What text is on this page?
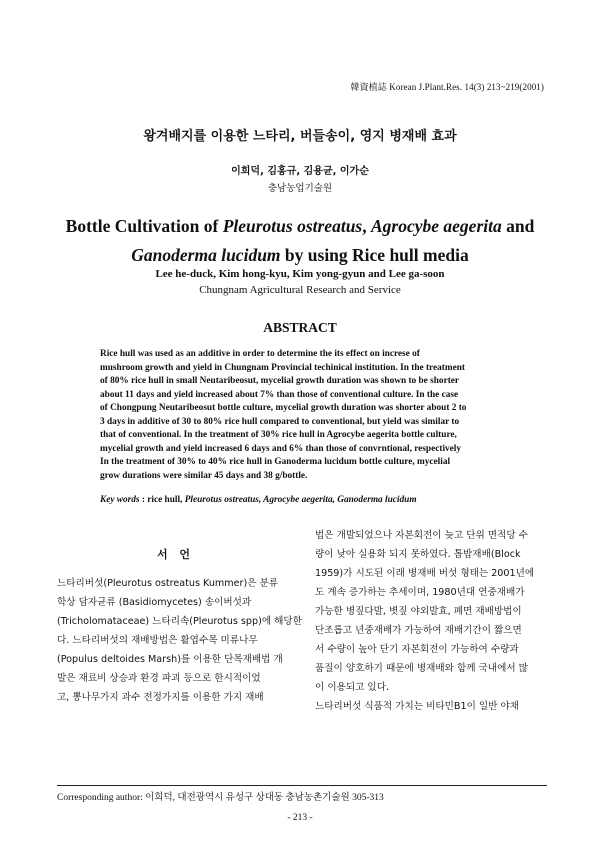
韓資植誌 Korean J.Plant.Res. 14(3) 213~219(2001)
왕겨배지를 이용한 느타리, 버들송이, 영지 병재배 효과
이희덕, 김홍규, 김용균, 이가순
충남농업기술원
Bottle Cultivation of Pleurotus ostreatus, Agrocybe aegerita and
Ganoderma lucidum by using Rice hull media
Lee he-duck, Kim hong-kyu, Kim yong-gyun and Lee ga-soon
Chungnam Agricultural Research and Service
ABSTRACT
Rice hull was used as an additive in order to determine the its effect on increse of
mushroom growth and yield in Chungnam Provincial techinical institution. In the treatment
of 80% rice hull in small Neutaribeosut, mycelial growth duration was shown to be shorter
about 11 days and yield increased about 7% than those of conventional culture. In the case
of Chongpung Neutaribeosut bottle culture, mycelial growth duration was shorter about 2 to
3 days in additive of 30 to 80% rice hull compared to conventional, but yield was similar to
that of conventional. In the treatment of 30% rice hull in Agrocybe aegerita bottle culture,
mycelial growth and yield increased 6 days and 6% than those of convrntional, respectively
In the treatment of 30% to 40% rice hull in Ganoderma lucidum bottle culture, mycelial
grow durations were similar 45 days and 38 g/bottle.
Key words : rice hull, Pleurotus ostreatus, Agrocybe aegerita, Ganoderma lucidum
서 언
느타리버섯(Pleurotus ostreatus Kummer)은 분류
학상 담자균류 (Basidiomycetes) 송이버섯과
(Tricholomataceae) 느타리속(Pleurotus spp)에 해당한
다. 느타리버섯의 재배방법은 활엽수목 미류나무
(Populus deltoides Marsh)를 이용한 단목재배법 개
발은 재료비 상승과 환경 파괴 등으로 한시적이었
고, 뽕나무가지 과수 전정가지를 이용한 가지 재배
법은 개발되었으나 자본회전이 늦고 단위 면적당 수
량이 낮아 실용화 되지 못하였다. 톱밥재배(Block
1959)가 시도된 이래 병재배 버섯 형태는 2001년에
도 계속 증가하는 추세이며, 1980년대 연중재배가
가능한 병짚다발, 볏짚 야외발효, 폐면 재배방법이
단조롭고 년중재배가 가능하여 재배기간이 짧으면
서 수량이 높아 단기 자본회전이 가능하여 수량과
품질이 양호하기 때문에 병재배와 함께 국내에서 많
이 이용되고 있다.
느타리버섯 식품적 가치는 비타민B1이 일반 야채
Corresponding author: 이희덕, 대전광역시 유성구 상대동 충남농촌기술원 305-313
- 213 -
